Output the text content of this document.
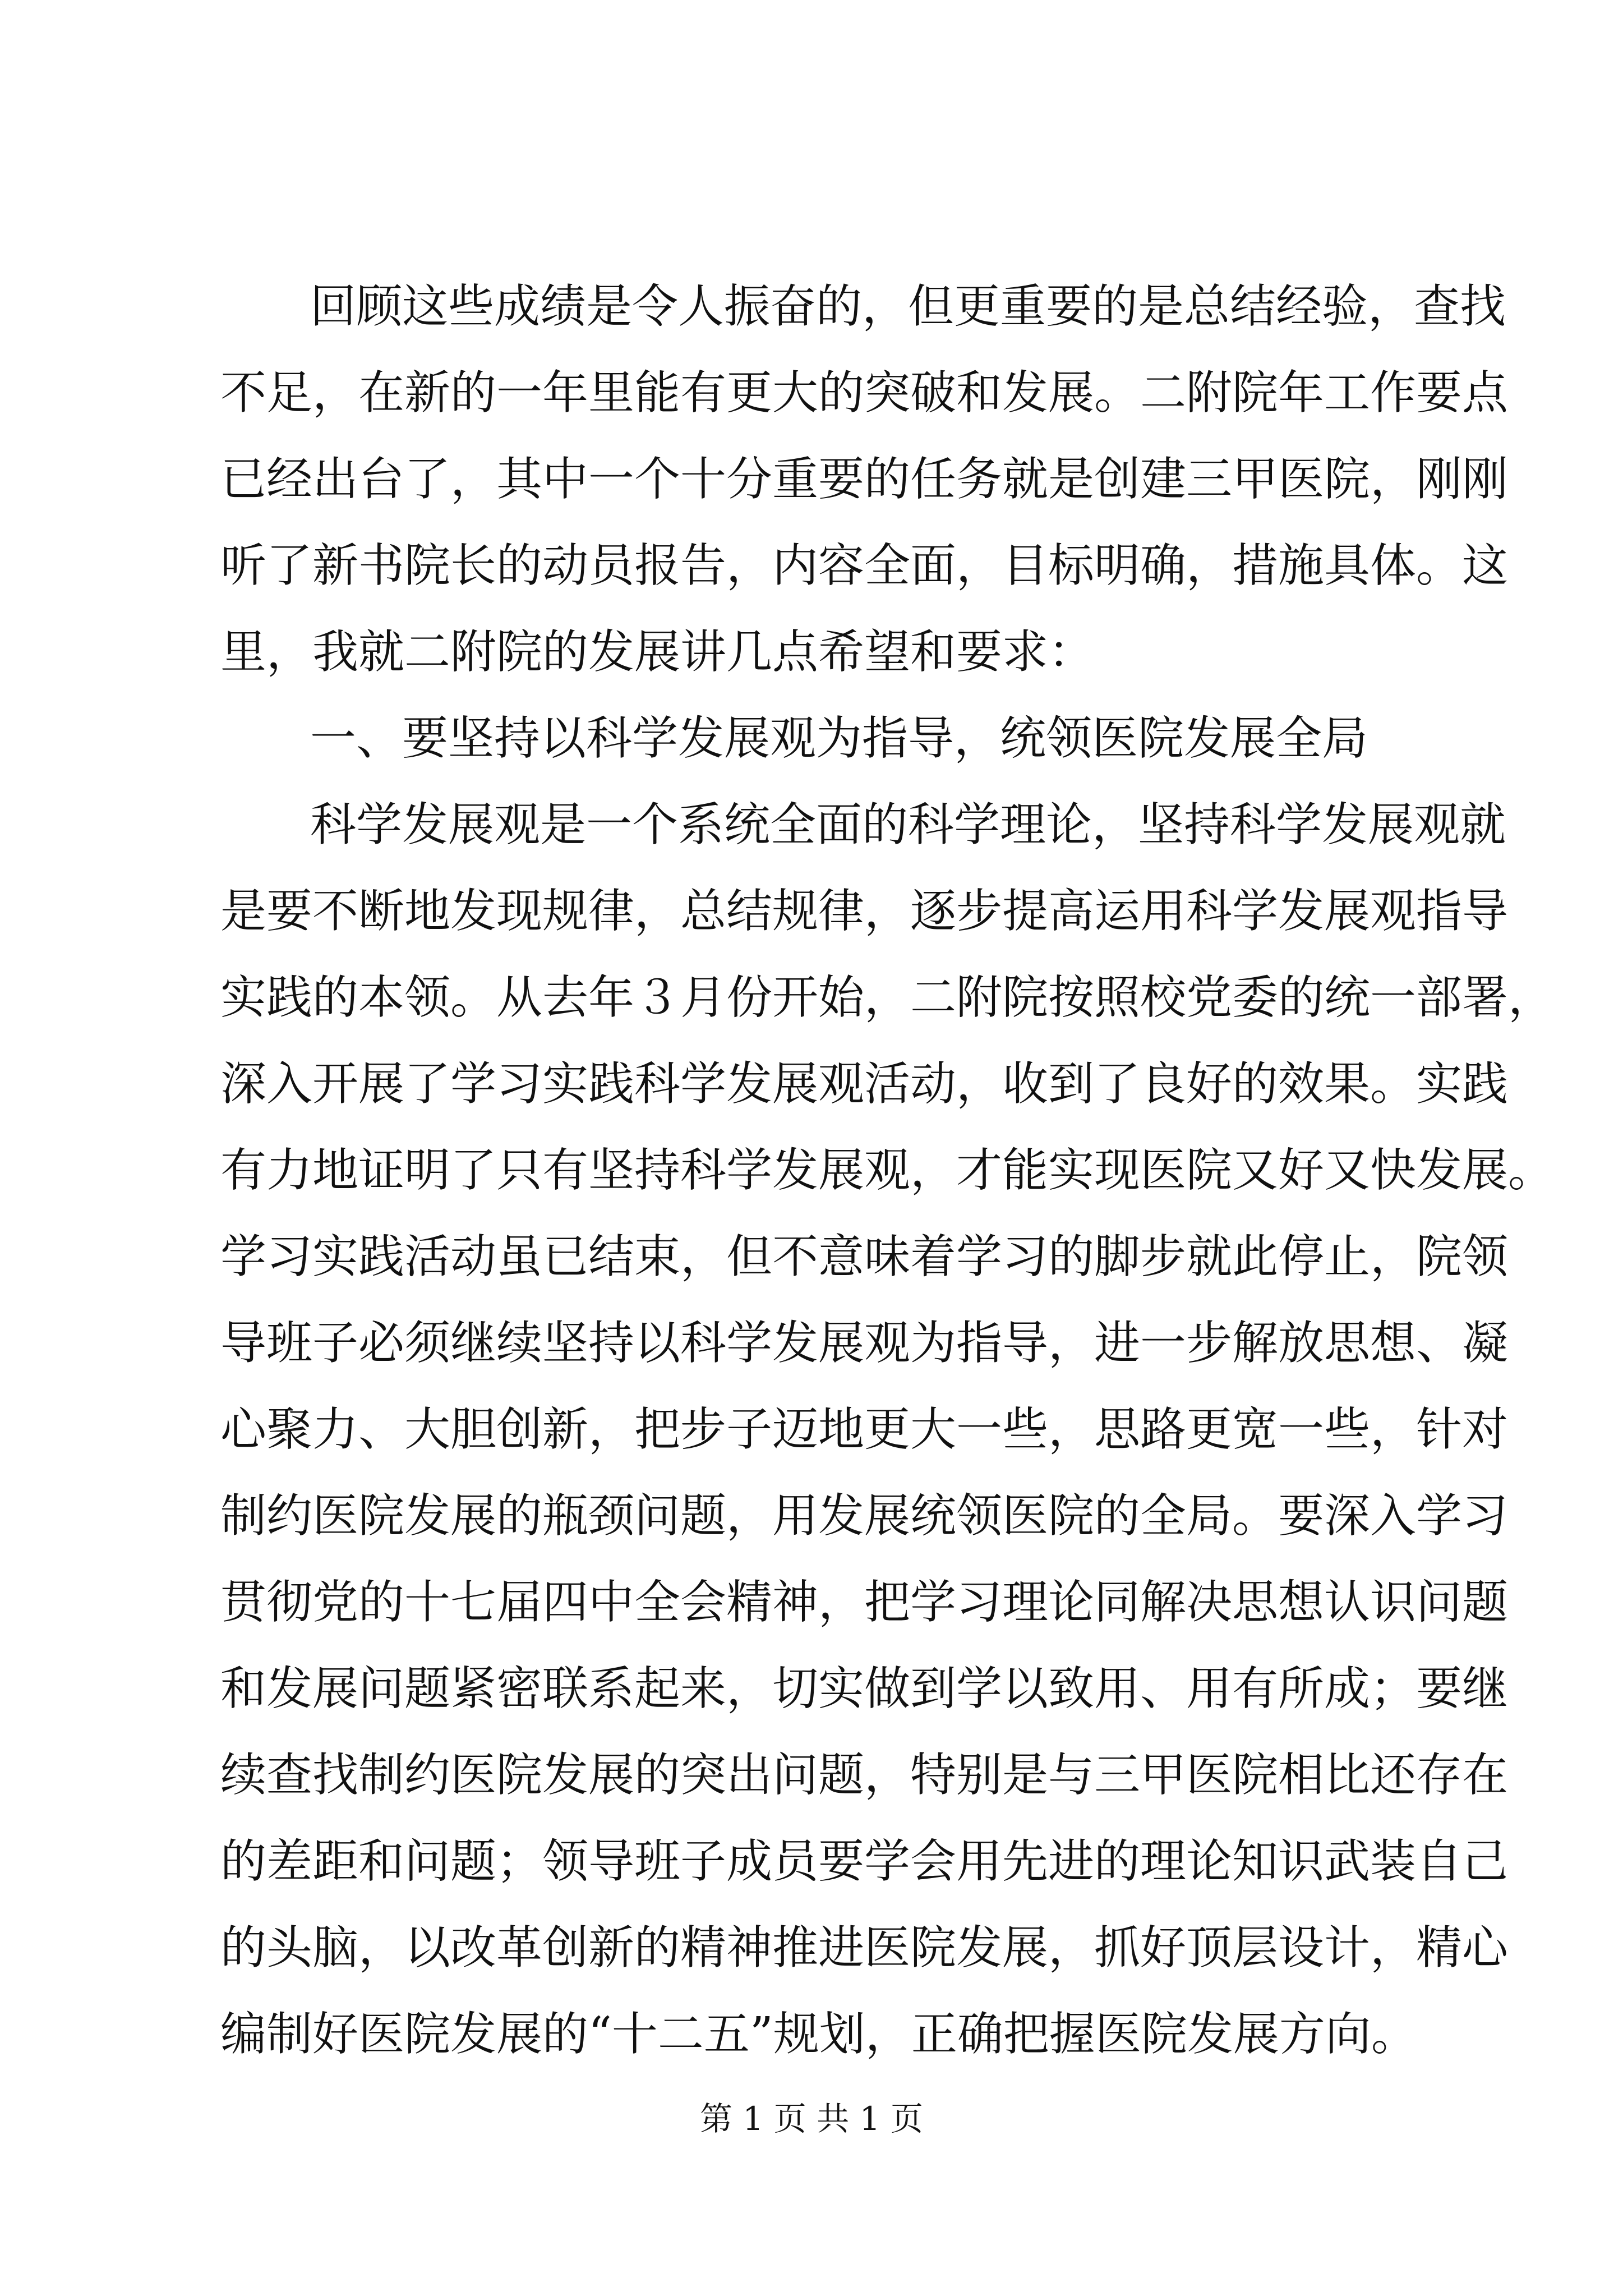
回顾这些成绩是令人振奋的，但更重要的是总结经验，查找
不足，在新的一年里能有更大的突破和发展。二附院年工作要点
已经出台了，其中一个十分重要的任务就是创建三甲医院，刚刚
听了新书院长的动员报告，内容全面，目标明确，措施具体。这
里，我就二附院的发展讲几点希望和要求：
一、要坚持以科学发展观为指导，统领医院发展全局
科学发展观是一个系统全面的科学理论，坚持科学发展观就
是要不断地发现规律，总结规律，逐步提高运用科学发展观指导
实践的本领。从去年３月份开始，二附院按照校党委的统一部署，
深入开展了学习实践科学发展观活动，收到了良好的效果。实践
有力地证明了只有坚持科学发展观，才能实现医院又好又快发展。
学习实践活动虽已结束，但不意味着学习的脚步就此停止，院领
导班子必须继续坚持以科学发展观为指导，进一步解放思想、凝
心聚力、大胆创新，把步子迈地更大一些，思路更宽一些，针对
制约医院发展的瓶颈问题，用发展统领医院的全局。要深入学习
贯彻党的十七届四中全会精神，把学习理论同解决思想认识问题
和发展问题紧密联系起来，切实做到学以致用、用有所成；要继
续查找制约医院发展的突出问题，特别是与三甲医院相比还存在
的差距和问题；领导班子成员要学会用先进的理论知识武装自己
的头脑，以改革创新的精神推进医院发展，抓好顶层设计，精心
编制好医院发展的“十二五”规划，正确把握医院发展方向。
第 1 页 共 1 页
